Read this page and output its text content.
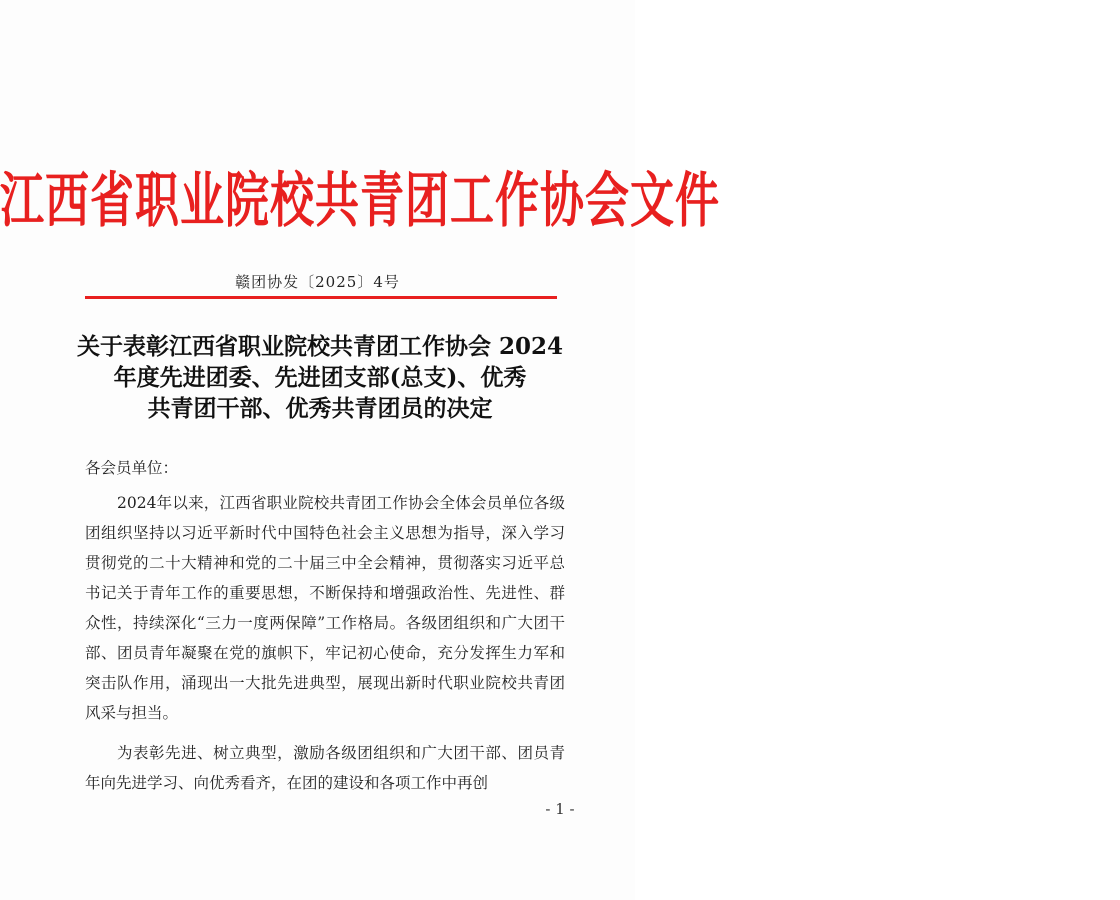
江西省职业院校共青团工作协会文件
赣团协发〔2025〕4号
关于表彰江西省职业院校共青团工作协会 2024
年度先进团委、先进团支部(总支)、优秀
共青团干部、优秀共青团员的决定

各会员单位：

2024年以来，江西省职业院校共青团工作协会全体会员单位各级团组织坚持以习近平新时代中国特色社会主义思想为指导，深入学习贯彻党的二十大精神和党的二十届三中全会精神，贯彻落实习近平总书记关于青年工作的重要思想，不断保持和增强政治性、先进性、群众性，持续深化“三力一度两保障”工作格局。各级团组织和广大团干部、团员青年凝聚在党的旗帜下，牢记初心使命，充分发挥生力军和突击队作用，涌现出一大批先进典型，展现出新时代职业院校共青团风采与担当。

为表彰先进、树立典型，激励各级团组织和广大团干部、团员青年向先进学习、向优秀看齐，在团的建设和各项工作中再创

- 1 -
